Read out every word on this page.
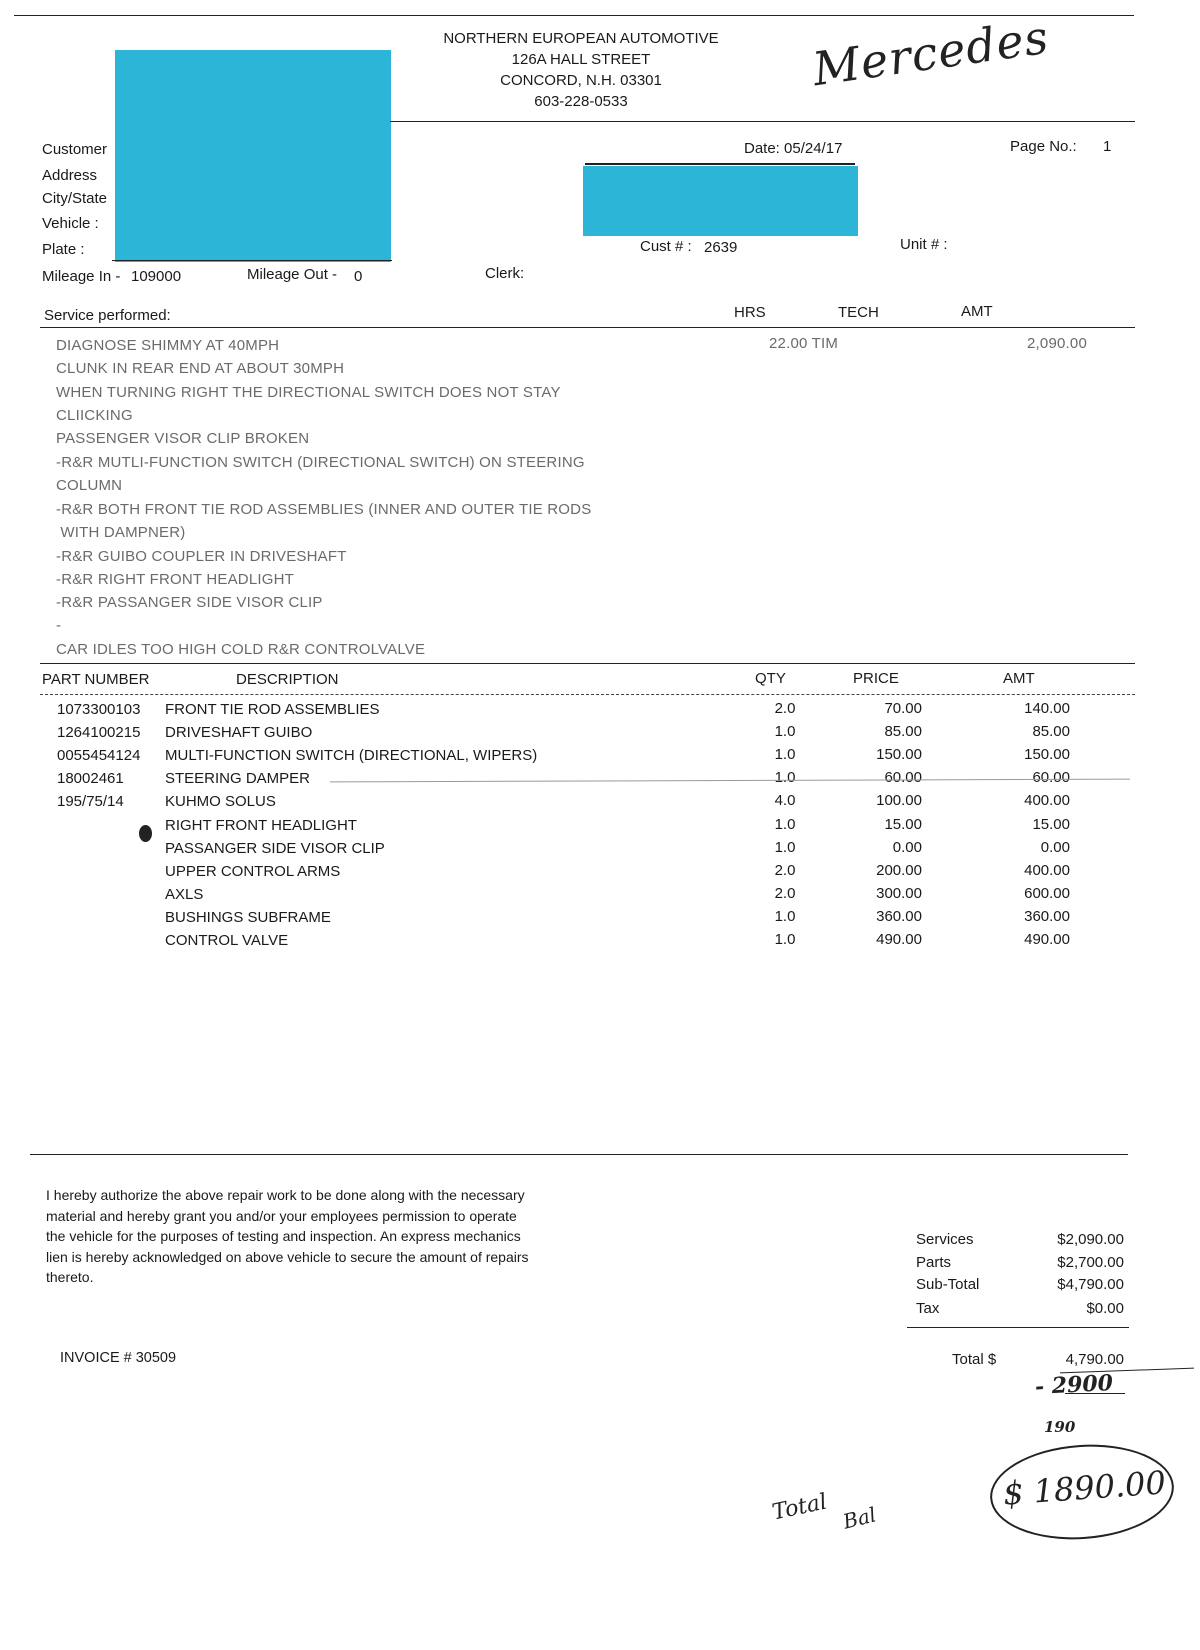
NORTHERN EUROPEAN AUTOMOTIVE
126A HALL STREET
CONCORD, N.H. 03301
603-228-0533
Mercedes
Customer
Address
City/State
Vehicle :
Plate :
Date: 05/24/17	Page No.: 1
Cust # : 2639	Unit # :
Mileage In - 109000	Mileage Out - 0	Clerk:
Service performed:	HRS	TECH	AMT
DIAGNOSE SHIMMY AT 40MPH
CLUNK IN REAR END AT ABOUT 30MPH
WHEN TURNING RIGHT THE DIRECTIONAL SWITCH DOES NOT STAY
CLIICKING
PASSENGER VISOR CLIP BROKEN
-R&R MUTLI-FUNCTION SWITCH (DIRECTIONAL SWITCH) ON STEERING
COLUMN
-R&R BOTH FRONT TIE ROD ASSEMBLIES (INNER AND OUTER TIE RODS
WITH DAMPNER)
-R&R GUIBO COUPLER IN DRIVESHAFT
-R&R RIGHT FRONT HEADLIGHT
-R&R PASSANGER SIDE VISOR CLIP
-
CAR IDLES TOO HIGH COLD R&R CONTROLVALVE
22.00 TIM	2,090.00
PART NUMBER	DESCRIPTION	QTY	PRICE	AMT
1073300103 FRONT TIE ROD ASSEMBLIES	2.0	70.00	140.00
1264100215 DRIVESHAFT GUIBO	1.0	85.00	85.00
0055454124 MULTI-FUNCTION SWITCH (DIRECTIONAL, WIPERS)	1.0	150.00	150.00
18002461	STEERING DAMPER	1.0	60.00	60.00
195/75/14	KUHMO SOLUS	4.0	100.00	400.00
RIGHT FRONT HEADLIGHT	1.0	15.00	15.00
PASSANGER SIDE VISOR CLIP	1.0	0.00	0.00
UPPER CONTROL ARMS	2.0	200.00	400.00
AXLS	2.0	300.00	600.00
BUSHINGS SUBFRAME	1.0	360.00	360.00
CONTROL VALVE	1.0	490.00	490.00
I hereby authorize the above repair work to be done along with the necessary
material and hereby grant you and/or your employees permission to operate
the vehicle for the purposes of testing and inspection. An express mechanics
lien is hereby acknowledged on above vehicle to secure the amount of repairs
thereto.
INVOICE # 30509
Services	$2,090.00
Parts	$2,700.00
Sub-Total	$4,790.00
Tax	$0.00
Total $	4,790.00
- 2900
190
$ 1890.00
Total Bal
